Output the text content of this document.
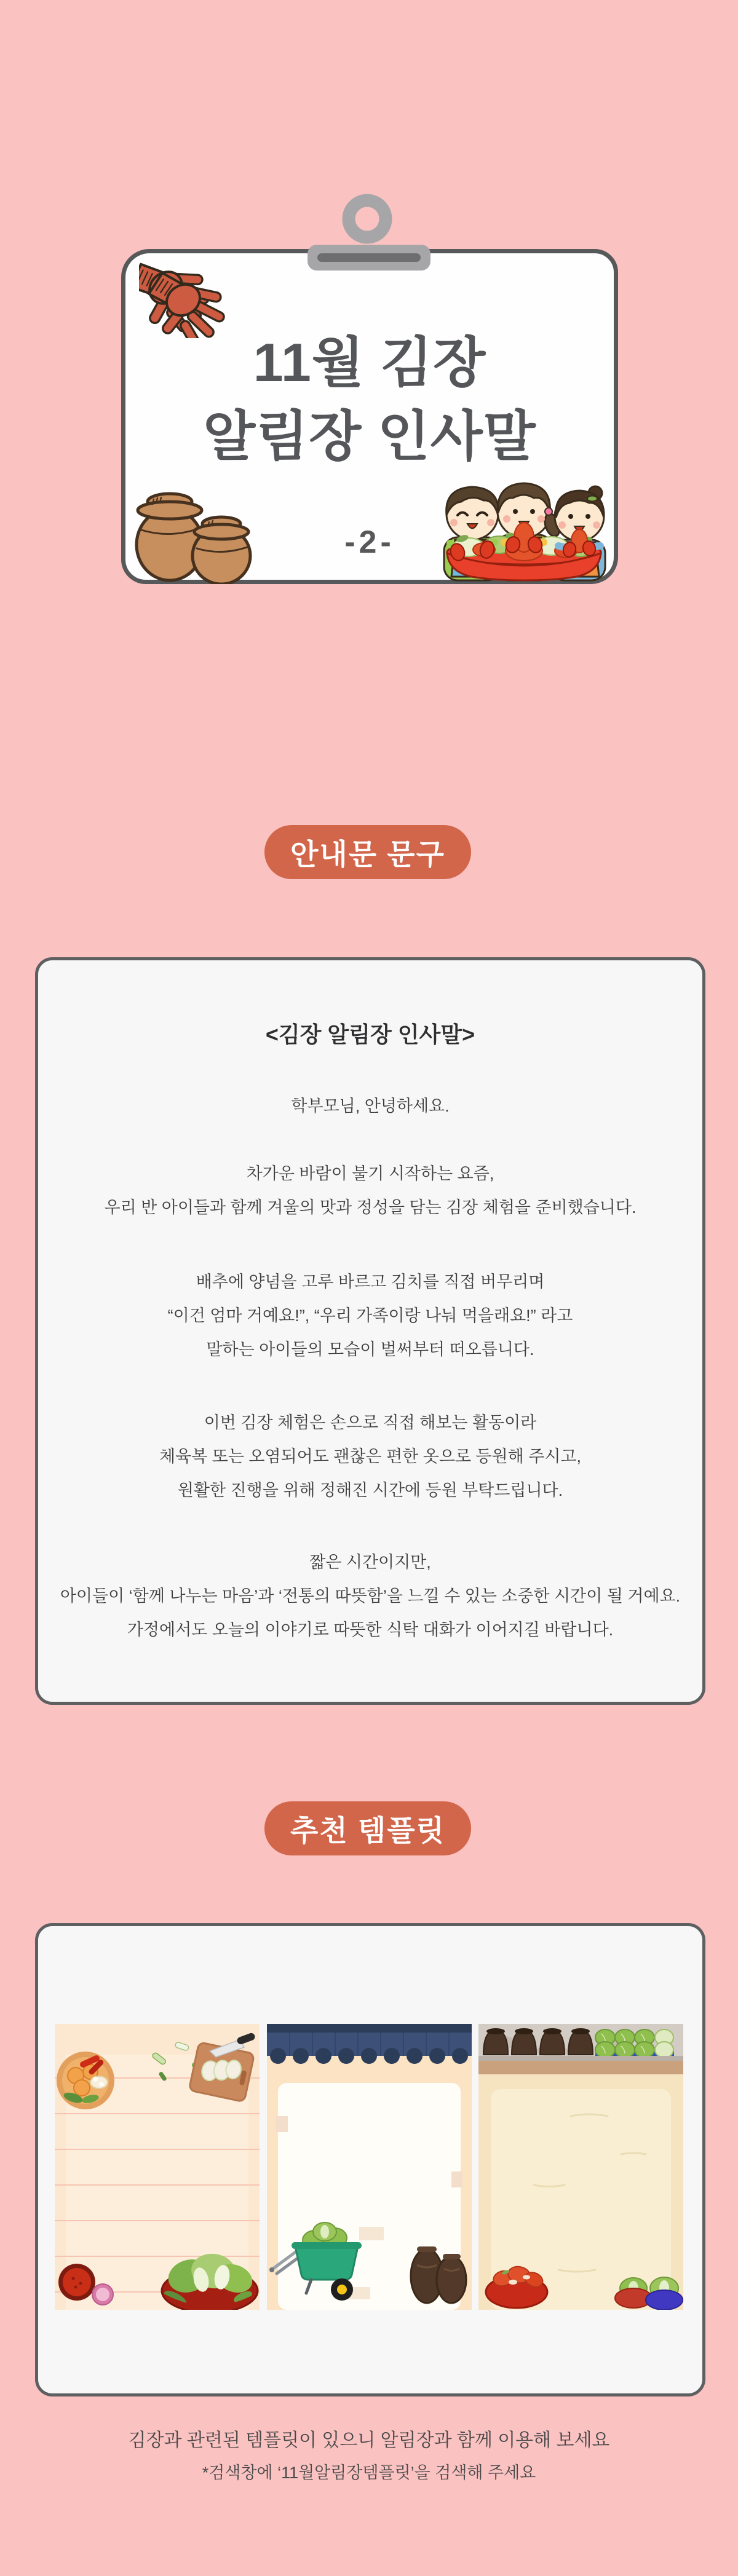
11월 김장
알림장 인사말
-2-
안내문 문구
<김장 알림장 인사말>
학부모님, 안녕하세요.
차가운 바람이 불기 시작하는 요즘,
우리 반 아이들과 함께 겨울의 맛과 정성을 담는 김장 체험을 준비했습니다.
배추에 양념을 고루 바르고 김치를 직접 버무리며
“이건 엄마 거예요!”, “우리 가족이랑 나눠 먹을래요!” 라고
말하는 아이들의 모습이 벌써부터 떠오릅니다.
이번 김장 체험은 손으로 직접 해보는 활동이라
체육복 또는 오염되어도 괜찮은 편한 옷으로 등원해 주시고,
원활한 진행을 위해 정해진 시간에 등원 부탁드립니다.
짧은 시간이지만,
아이들이 ‘함께 나누는 마음’과 ‘전통의 따뜻함’을 느낄 수 있는 소중한 시간이 될 거예요.
가정에서도 오늘의 이야기로 따뜻한 식탁 대화가 이어지길 바랍니다.
추천 템플릿
김장과 관련된 템플릿이 있으니 알림장과 함께 이용해 보세요
*검색창에 ‘11월알림장템플릿’을 검색해 주세요
